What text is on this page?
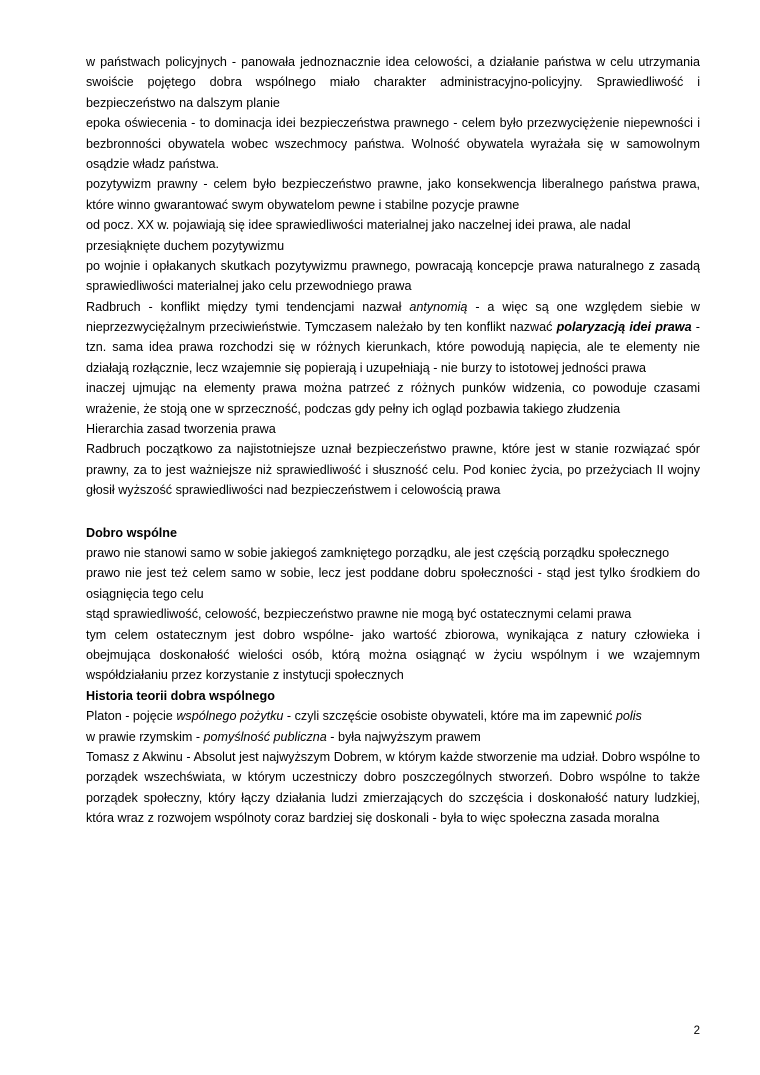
w państwach policyjnych - panowała jednoznacznie idea celowości, a działanie państwa w celu utrzymania swoiście pojętego dobra wspólnego miało charakter administracyjno-policyjny. Sprawiedliwość i bezpieczeństwo na dalszym planie

epoka oświecenia - to dominacja idei bezpieczeństwa prawnego - celem było przezwyciężenie niepewności i bezbronności obywatela wobec wszechmocy państwa. Wolność obywatela wyrażała się w samowolnym osądzie władz państwa.

pozytywizm prawny - celem było bezpieczeństwo prawne, jako konsekwencja liberalnego państwa prawa, które winno gwarantować swym obywatelom pewne i stabilne pozycje prawne

od pocz. XX w. pojawiają się idee sprawiedliwości materialnej jako naczelnej idei prawa, ale nadal przesiąknięte duchem pozytywizmu

po wojnie i opłakanych skutkach pozytywizmu prawnego, powracają koncepcje prawa naturalnego z zasadą sprawiedliwości materialnej jako celu przewodniego prawa

Radbruch - konflikt między tymi tendencjami nazwał antynomią - a więc są one względem siebie w nieprzezwyciężalnym przeciwieństwie. Tymczasem należało by ten konflikt nazwać polaryzacją idei prawa - tzn. sama idea prawa rozchodzi się w różnych kierunkach, które powodują napięcia, ale te elementy nie działają rozłącznie, lecz wzajemnie się popierają i uzupełniają - nie burzy to istotowej jedności prawa

inaczej ujmując na elementy prawa można patrzeć z różnych punków widzenia, co powoduje czasami wrażenie, że stoją one w sprzeczność, podczas gdy pełny ich ogląd pozbawia takiego złudzenia

Hierarchia zasad tworzenia prawa

Radbruch początkowo za najistotniejsze uznał bezpieczeństwo prawne, które jest w stanie rozwiązać spór prawny, za to jest ważniejsze niż sprawiedliwość i słuszność celu. Pod koniec życia, po przeżyciach II wojny głosił wyższość sprawiedliwości nad bezpieczeństwem i celowością prawa

Dobro wspólne

prawo nie stanowi samo w sobie jakiegoś zamkniętego porządku, ale jest częścią porządku społecznego

prawo nie jest też celem samo w sobie, lecz jest poddane dobru społeczności - stąd jest tylko środkiem do osiągnięcia tego celu

stąd sprawiedliwość, celowość, bezpieczeństwo prawne nie mogą być ostatecznymi celami prawa

tym celem ostatecznym jest dobro wspólne- jako wartość zbiorowa, wynikająca z natury człowieka i obejmująca doskonałość wielości osób, którą można osiągnąć w życiu wspólnym i we wzajemnym współdziałaniu przez korzystanie z instytucji społecznych

Historia teorii dobra wspólnego

Platon - pojęcie wspólnego pożytku - czyli szczęście osobiste obywateli, które ma im zapewnić polis

w prawie rzymskim - pomyślność publiczna - była najwyższym prawem

Tomasz z Akwinu - Absolut jest najwyższym Dobrem, w którym każde stworzenie ma udział. Dobro wspólne to porządek wszechświata, w którym uczestniczy dobro poszczególnych stworzeń. Dobro wspólne to także porządek społeczny, który łączy działania ludzi zmierzających do szczęścia i doskonałość natury ludzkiej, która wraz z rozwojem wspólnoty coraz bardziej się doskonali - była to więc społeczna zasada moralna

2
